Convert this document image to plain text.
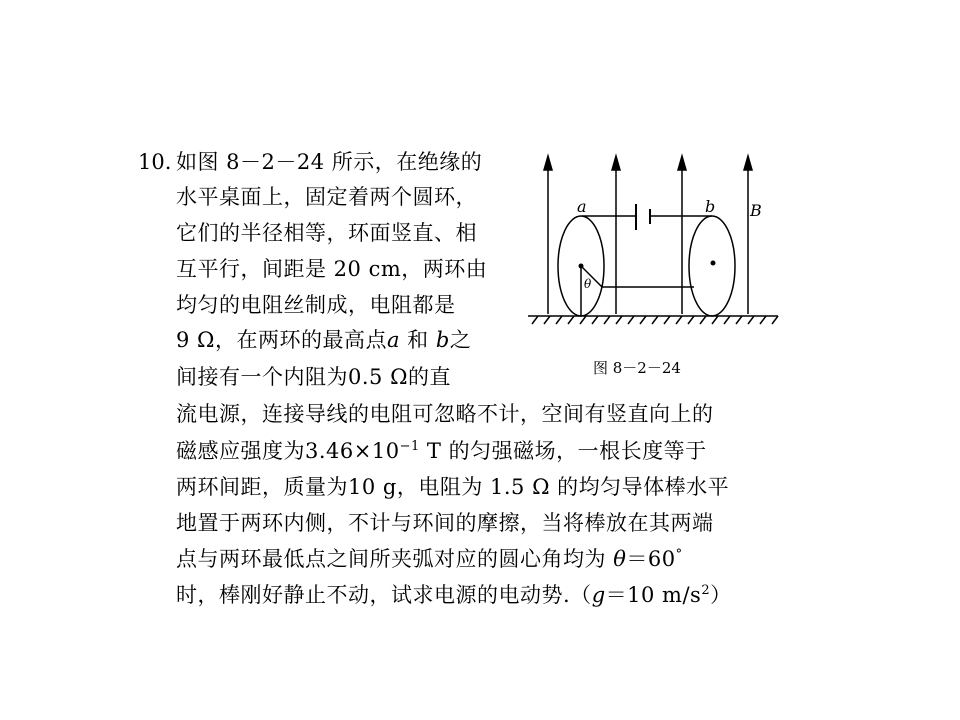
10. 如图 8－2－24 所示，在绝缘的
水平桌面上，固定着两个圆环，
它们的半径相等，环面竖直、相
互平行，间距是 20 cm，两环由
均匀的电阻丝制成，电阻都是
9 Ω，在两环的最高点a 和 b之
间接有一个内阻为0.5 Ω的直
流电源，连接导线的电阻可忽略不计，空间有竖直向上的
磁感应强度为$3.46\times 10^{-1}$ T 的匀强磁场，一根长度等于
两环间距，质量为10 g，电阻为 1.5 Ω 的均匀导体棒水平
地置于两环内侧，不计与环间的摩擦，当将棒放在其两端
点与两环最低点之间所夹弧对应的圆心角均为 θ＝60°
时，棒刚好静止不动，试求电源的电动势.（g＝10 $m/s^2$）
a	b B
θ
图 8－2－24
